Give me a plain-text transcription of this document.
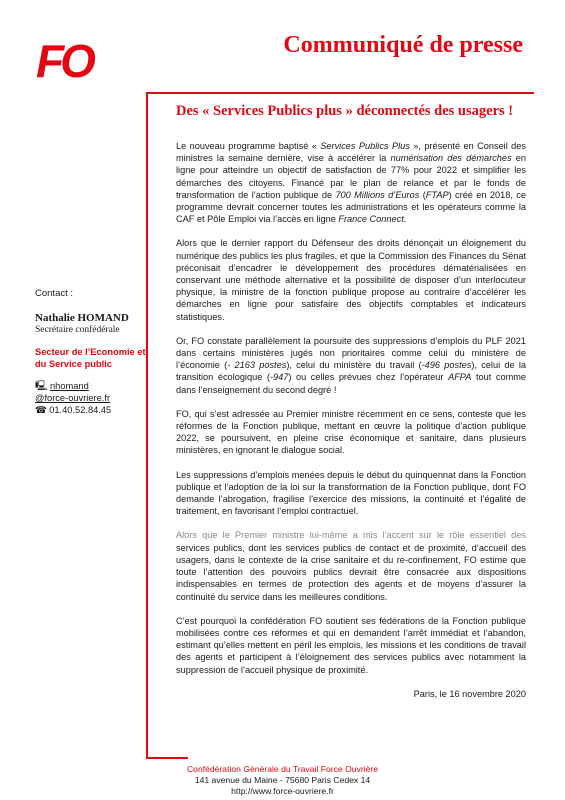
FO	Communiqué de presse
Des « Services Publics plus » déconnectés des usagers !

Le nouveau programme baptisé « Services Publics Plus », présenté en Conseil des ministres la semaine dernière, vise à accélérer la numérisation des démarches en ligne pour atteindre un objectif de satisfaction de 77% pour 2022 et simplifier les démarches des citoyens. Financé par le plan de relance et par le fonds de transformation de l’action publique de 700 Millions d’Euros (FTAP) créé en 2018, ce programme devrait concerner toutes les administrations et les opérateurs comme la CAF et Pôle Emploi via l’accès en ligne France Connect.

Alors que le dernier rapport du Défenseur des droits dénonçait un éloignement du numérique des publics les plus fragiles, et que la Commission des Finances du Sénat préconisait d’encadrer le développement des procédures dématérialisées en conservant une méthode alternative et la possibilité de disposer d’un interlocuteur physique, la ministre de la fonction publique propose au contraire d’accélérer les démarches en ligne pour satisfaire des objectifs comptables et indicateurs statistiques.

Or, FO constate parallèlement la poursuite des suppressions d’emplois du PLF 2021 dans certains ministères jugés non prioritaires comme celui du ministère de l’économie (- 2163 postes), celui du ministère du travail (-496 postes), celui de la transition écologique (-947) ou celles prévues chez l’opérateur AFPA tout comme dans l’enseignement du second degré !

FO, qui s’est adressée au Premier ministre récemment en ce sens, conteste que les réformes de la Fonction publique, mettant en œuvre la politique d’action publique 2022, se poursuivent, en pleine crise économique et sanitaire, dans plusieurs ministères, en ignorant le dialogue social.

Les suppressions d’emplois menées depuis le début du quinquennat dans la Fonction publique et l’adoption de la loi sur la transformation de la Fonction publique, dont FO demande l’abrogation, fragilise l’exercice des missions, la continuité et l’égalité de traitement, en favorisant l’emploi contractuel.

Alors que le Premier ministre lui-même a mis l’accent sur le rôle essentiel des services publics, dont les services publics de contact et de proximité, d’accueil des usagers, dans le contexte de la crise sanitaire et du re-confinement, FO estime que toute l’attention des pouvoirs publics devrait être consacrée aux dispositions indispensables en termes de protection des agents et de moyens d’assurer la continuité du service dans les meilleures conditions.

C’est pourquoi la confédération FO soutient ses fédérations de la Fonction publique mobilisées contre ces réformes et qui en demandent l’arrêt immédiat et l’abandon, estimant qu’elles mettent en péril les emplois, les missions et les conditions de travail des agents et participent à l’éloignement des services publics avec notamment la suppression de l’accueil physique de proximité.

Paris, le 16 novembre 2020

Contact :
Nathalie HOMAND
Secrétaire confédérale
Secteur de l’Economie et du Service public
🖳 nhomand
@force-ouvriere.fr
☎ 01.40.52.84.45
Confédération Générale du Travail Force Ouvrière
141 avenue du Maine - 75680 Paris Cedex 14
http://www.force-ouvriere.fr
